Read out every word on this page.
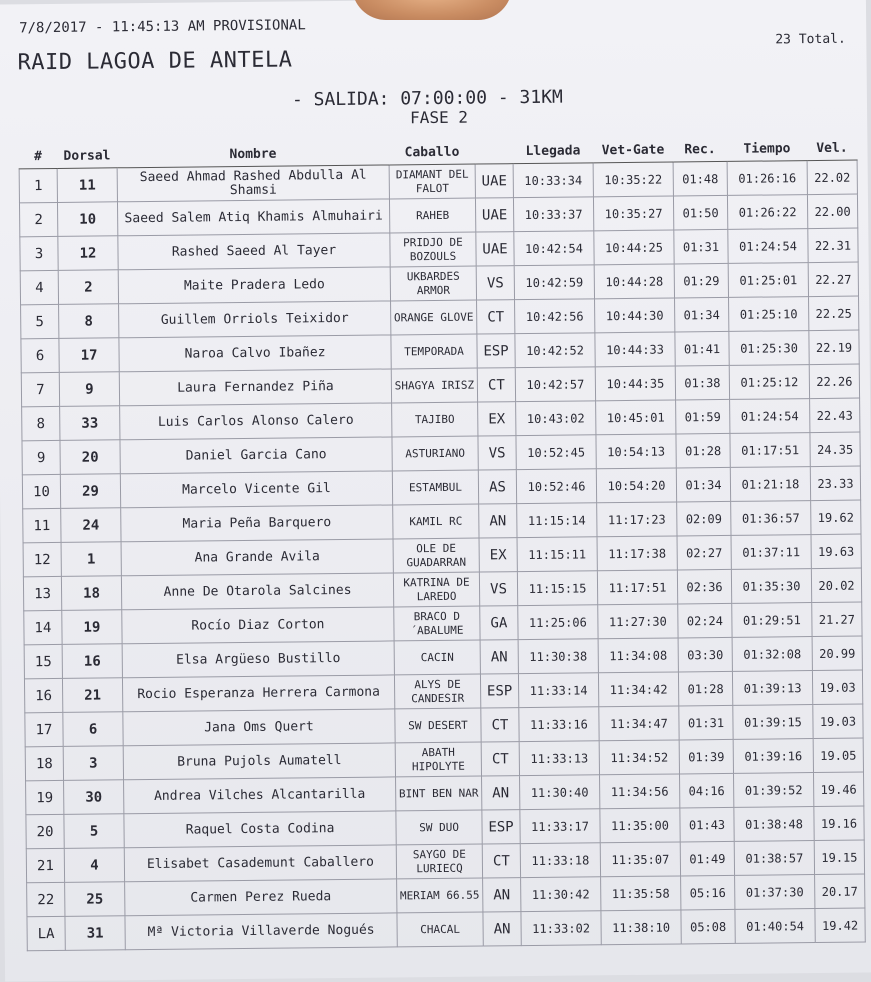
7/8/2017 - 11:45:13 AM PROVISIONAL
RAID LAGOA DE ANTELA
23 Total.
- SALIDA: 07:00:00 - 31KM
FASE 2
#	Dorsal	Nombre	Caballo		Llegada	Vet-Gate	Rec.	Tiempo	Vel.
1	11	Saeed Ahmad Rashed Abdulla Al Shamsi	DIAMANT DEL FALOT	UAE	10:33:34	10:35:22	01:48	01:26:16	22.02
2	10	Saeed Salem Atiq Khamis Almuhairi	RAHEB	UAE	10:33:37	10:35:27	01:50	01:26:22	22.00
3	12	Rashed Saeed Al Tayer	PRIDJO DE BOZOULS	UAE	10:42:54	10:44:25	01:31	01:24:54	22.31
4	2	Maite Pradera Ledo	UKBARDES ARMOR	VS	10:42:59	10:44:28	01:29	01:25:01	22.27
5	8	Guillem Orriols Teixidor	ORANGE GLOVE	CT	10:42:56	10:44:30	01:34	01:25:10	22.25
6	17	Naroa Calvo Ibañez	TEMPORADA	ESP	10:42:52	10:44:33	01:41	01:25:30	22.19
7	9	Laura Fernandez Piña	SHAGYA IRISZ	CT	10:42:57	10:44:35	01:38	01:25:12	22.26
8	33	Luis Carlos Alonso Calero	TAJIBO	EX	10:43:02	10:45:01	01:59	01:24:54	22.43
9	20	Daniel Garcia Cano	ASTURIANO	VS	10:52:45	10:54:13	01:28	01:17:51	24.35
10	29	Marcelo Vicente Gil	ESTAMBUL	AS	10:52:46	10:54:20	01:34	01:21:18	23.33
11	24	Maria Peña Barquero	KAMIL RC	AN	11:15:14	11:17:23	02:09	01:36:57	19.62
12	1	Ana Grande Avila	OLE DE GUADARRAN	EX	11:15:11	11:17:38	02:27	01:37:11	19.63
13	18	Anne De Otarola Salcines	KATRINA DE LAREDO	VS	11:15:15	11:17:51	02:36	01:35:30	20.02
14	19	Rocío Diaz Corton	BRACO D ´ABALUME	GA	11:25:06	11:27:30	02:24	01:29:51	21.27
15	16	Elsa Argüeso Bustillo	CACIN	AN	11:30:38	11:34:08	03:30	01:32:08	20.99
16	21	Rocio Esperanza Herrera Carmona	ALYS DE CANDESIR	ESP	11:33:14	11:34:42	01:28	01:39:13	19.03
17	6	Jana Oms Quert	SW DESERT	CT	11:33:16	11:34:47	01:31	01:39:15	19.03
18	3	Bruna Pujols Aumatell	ABATH HIPOLYTE	CT	11:33:13	11:34:52	01:39	01:39:16	19.05
19	30	Andrea Vilches Alcantarilla	BINT BEN NAR	AN	11:30:40	11:34:56	04:16	01:39:52	19.46
20	5	Raquel Costa Codina	SW DUO	ESP	11:33:17	11:35:00	01:43	01:38:48	19.16
21	4	Elisabet Casademunt Caballero	SAYGO DE LURIECQ	CT	11:33:18	11:35:07	01:49	01:38:57	19.15
22	25	Carmen Perez Rueda	MERIAM 66.55	AN	11:30:42	11:35:58	05:16	01:37:30	20.17
LA	31	Mª Victoria Villaverde Nogués	CHACAL	AN	11:33:02	11:38:10	05:08	01:40:54	19.42
